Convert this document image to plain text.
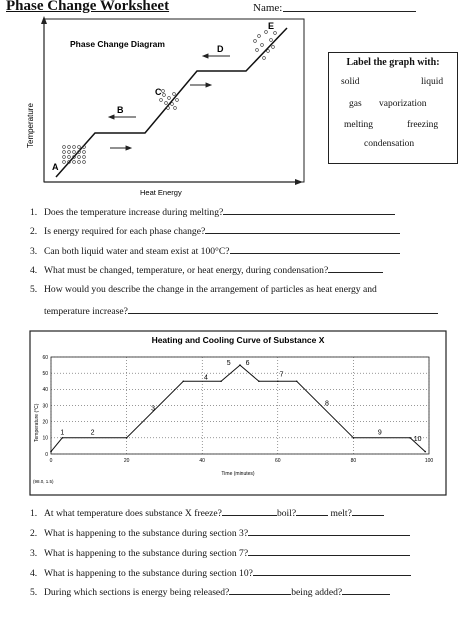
Phase Change Worksheet	Name:
Phase Change Diagram
Temperature
Heat Energy
A
B
C
D
E
Label the graph with:
solid	liquid
gas vaporization
melting	freezing
condensation
1. Does the temperature increase during melting?
2. Is energy required for each phase change?
3. Can both liquid water and steam exist at 100°C?
4. What must be changed, temperature, or heat energy, during condensation?
5. How would you describe the change in the arrangement of particles as heat energy and
temperature increase?
Heating and Cooling Curve of Substance X
Temperature (°C)
Time (minutes)
(98.0, 1.5)
0
10
20
30
40
50
60
0	20	40	60	80	100
1	2
3
4
5 6
7
8
9
10
1. At what temperature does substance X freeze?	boil?	melt?
2. What is happening to the substance during section 3?
3. What is happening to the substance during section 7?
4. What is happening to the substance during section 10?
5. During which sections is energy being released?	being added?
